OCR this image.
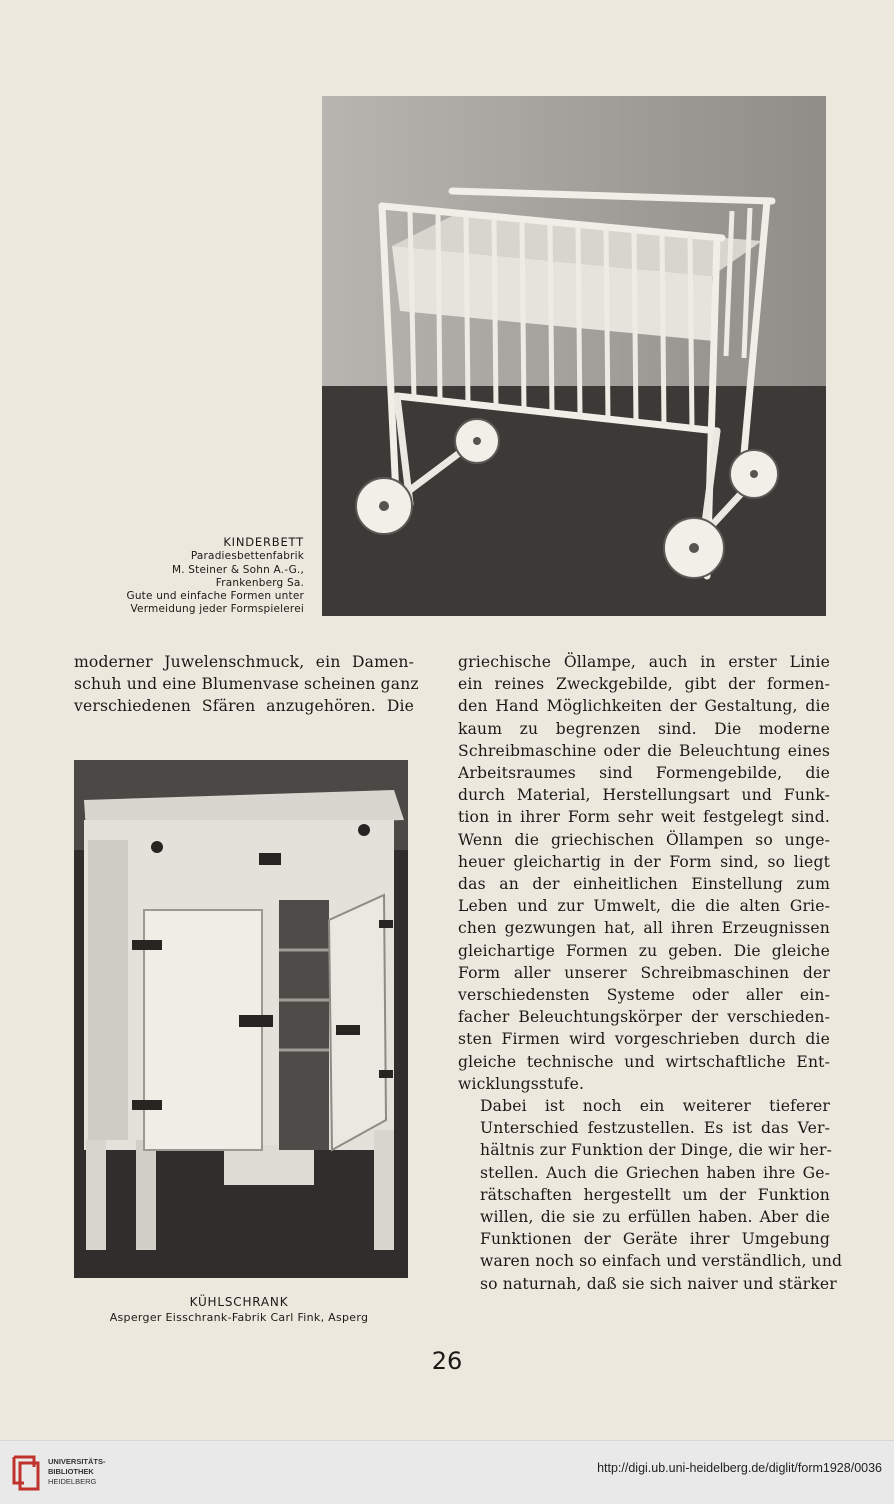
KINDERBETT
Paradiesbettenfabrik
M. Steiner & Sohn A.-G.,
Frankenberg Sa.
Gute und einfache Formen unter
Vermeidung jeder Formspielerei

moderner Juwelenschmuck, ein Damen-
schuh und eine Blumenvase scheinen ganz
verschiedenen Sfären anzugehören. Die

KÜHLSCHRANK
Asperger Eisschrank-Fabrik Carl Fink, Asperg

griechische Öllampe, auch in erster Linie
ein reines Zweckgebilde, gibt der formen-
den Hand Möglichkeiten der Gestaltung, die
kaum zu begrenzen sind. Die moderne
Schreibmaschine oder die Beleuchtung eines
Arbeitsraumes sind Formengebilde, die
durch Material, Herstellungsart und Funk-
tion in ihrer Form sehr weit festgelegt sind.
Wenn die griechischen Öllampen so unge-
heuer gleichartig in der Form sind, so liegt
das an der einheitlichen Einstellung zum
Leben und zur Umwelt, die die alten Grie-
chen gezwungen hat, all ihren Erzeugnissen
gleichartige Formen zu geben. Die gleiche
Form aller unserer Schreibmaschinen der
verschiedensten Systeme oder aller ein-
facher Beleuchtungskörper der verschieden-
sten Firmen wird vorgeschrieben durch die
gleiche technische und wirtschaftliche Ent-
wicklungsstufe.

Dabei ist noch ein weiterer tieferer
Unterschied festzustellen. Es ist das Ver-
hältnis zur Funktion der Dinge, die wir her-
stellen. Auch die Griechen haben ihre Ge-
rätschaften hergestellt um der Funktion
willen, die sie zu erfüllen haben. Aber die
Funktionen der Geräte ihrer Umgebung
waren noch so einfach und verständlich, und
so naturnah, daß sie sich naiver und stärker

26
UNIVERSITÄTS-
BIBLIOTHEK
HEIDELBERG
http://digi.ub.uni-heidelberg.de/diglit/form1928/0036
